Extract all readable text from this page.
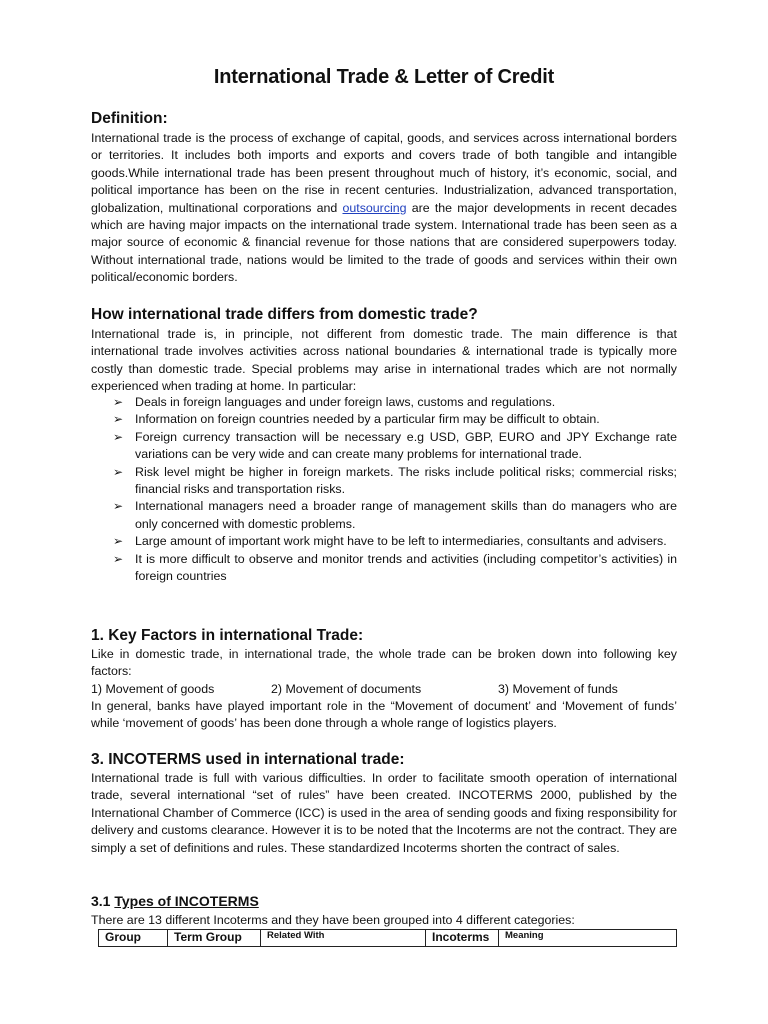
International Trade & Letter of Credit
Definition:

International trade is the process of exchange of capital, goods, and services across international borders or territories. It includes both imports and exports and covers trade of both tangible and intangible goods.While international trade has been present throughout much of history, it’s economic, social, and political importance has been on the rise in recent centuries. Industrialization, advanced transportation, globalization, multinational corporations and outsourcing are the major developments in recent decades which are having major impacts on the international trade system. International trade has been seen as a major source of economic & financial revenue for those nations that are considered superpowers today. Without international trade, nations would be limited to the trade of goods and services within their own political/economic borders.

How international trade differs from domestic trade?

International trade is, in principle, not different from domestic trade. The main difference is that international trade involves activities across national boundaries & international trade is typically more costly than domestic trade. Special problems may arise in international trades which are not normally experienced when trading at home. In particular:

➢ Deals in foreign languages and under foreign laws, customs and regulations.
➢ Information on foreign countries needed by a particular firm may be difficult to obtain.
➢ Foreign currency transaction will be necessary e.g USD, GBP, EURO and JPY Exchange rate variations can be very wide and can create many problems for international trade.
➢ Risk level might be higher in foreign markets. The risks include political risks; commercial risks; financial risks and transportation risks.
➢ International managers need a broader range of management skills than do managers who are only concerned with domestic problems.
➢ Large amount of important work might have to be left to intermediaries, consultants and advisers.
➢ It is more difficult to observe and monitor trends and activities (including competitor’s activities) in foreign countries
1. Key Factors in international Trade:

Like in domestic trade, in international trade, the whole trade can be broken down into following key factors:

1) Movement of goods	2) Movement of documents	3) Movement of funds

In general, banks have played important role in the “Movement of document’ and ‘Movement of funds’ while ‘movement of goods’ has been done through a whole range of logistics players.

3. INCOTERMS used in international trade:

International trade is full with various difficulties. In order to facilitate smooth operation of international trade, several international “set of rules” have been created. INCOTERMS 2000, published by the International Chamber of Commerce (ICC) is used in the area of sending goods and fixing responsibility for delivery and customs clearance. However it is to be noted that the Incoterms are not the contract. They are simply a set of definitions and rules. These standardized Incoterms shorten the contract of sales.

3.1 Types of INCOTERMS

There are 13 different Incoterms and they have been grouped into 4 different categories:

Group	Term Group	Related With	Incoterms	Meaning
